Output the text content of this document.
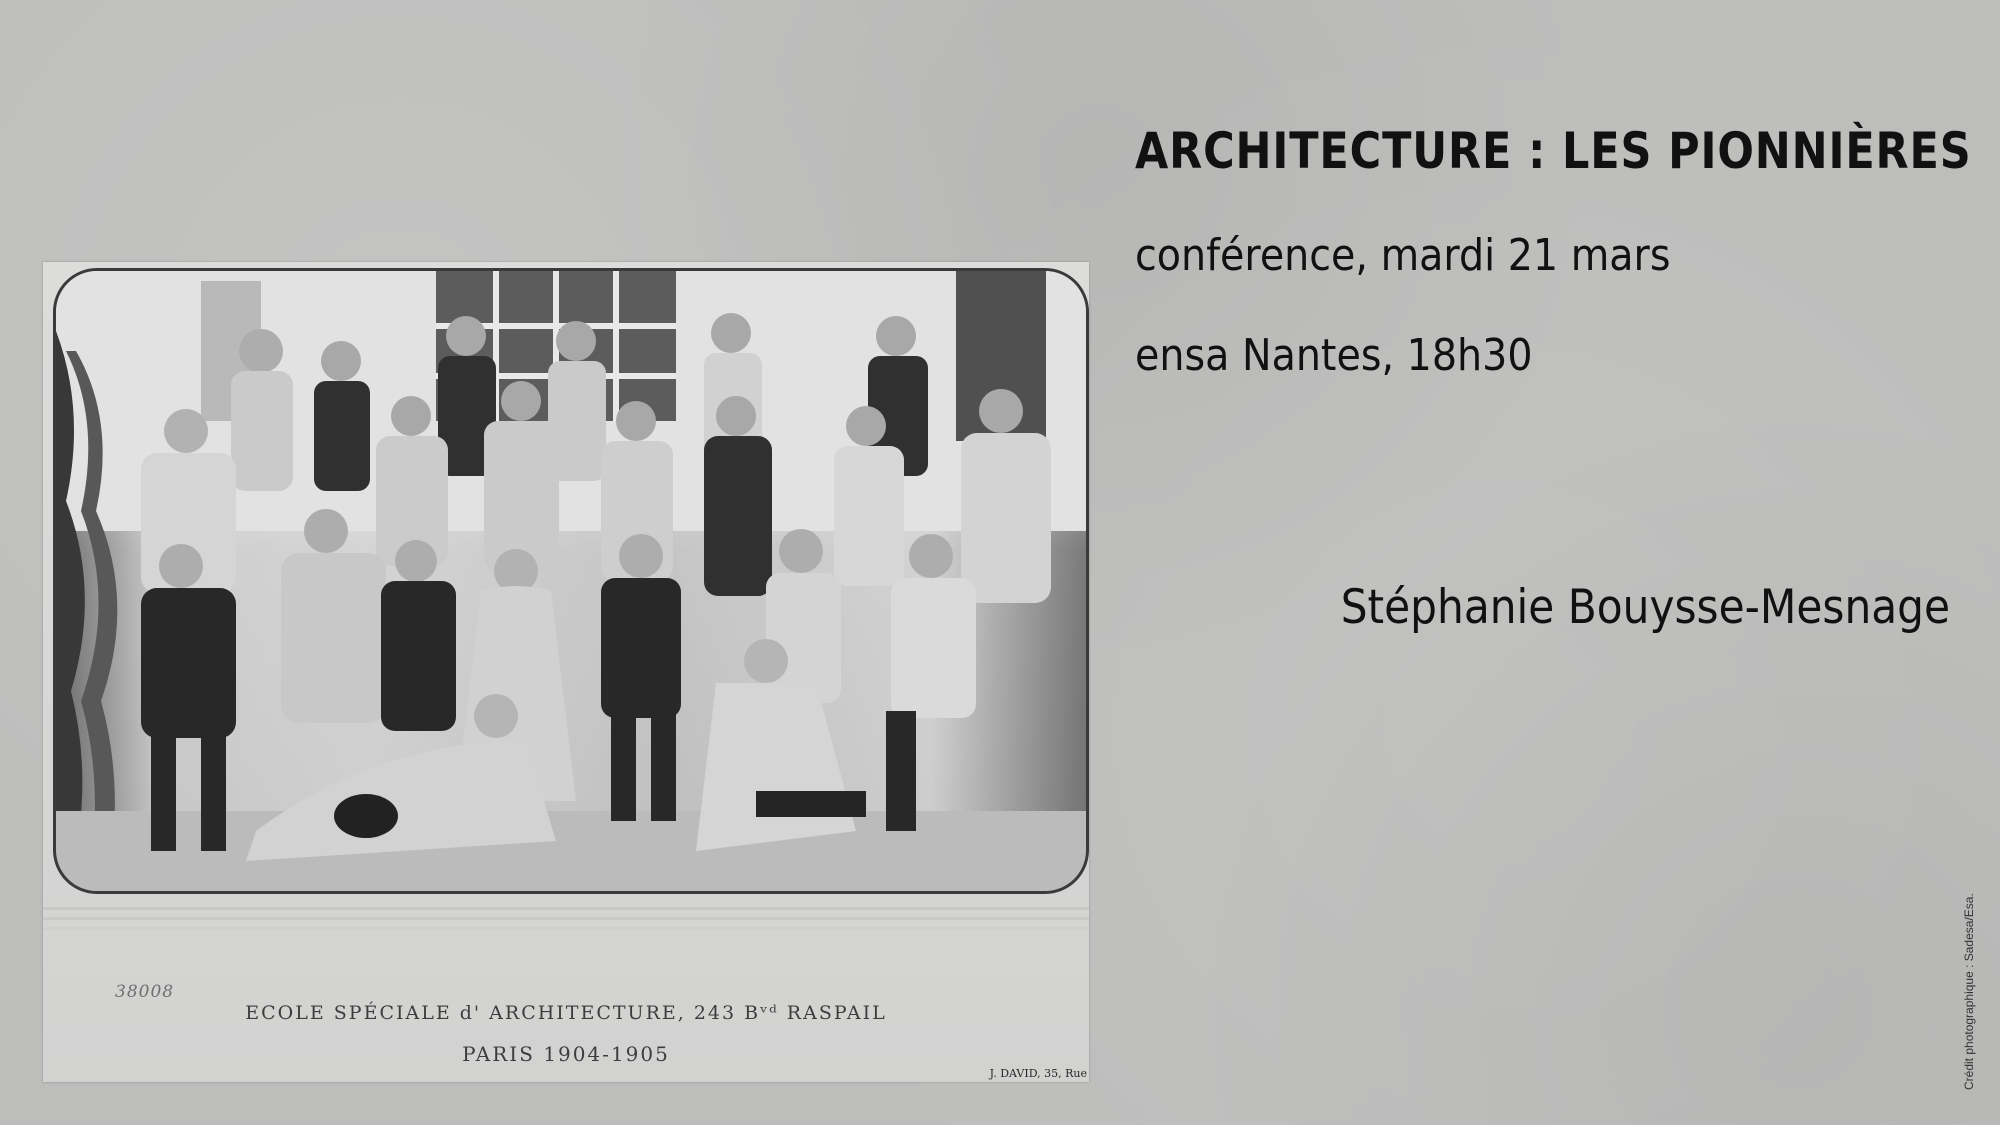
ARCHITECTURE : LES PIONNIÈRES
conférence, mardi 21 mars
ensa Nantes, 18h30
Stéphanie Bouysse-Mesnage
38008
ECOLE SPÉCIALE d' ARCHITECTURE, 243 Bᵛᵈ RASPAIL
PARIS 1904-1905
J. DAVID, 35, Rue	Crédit photographique : Sadesa/Esa.
